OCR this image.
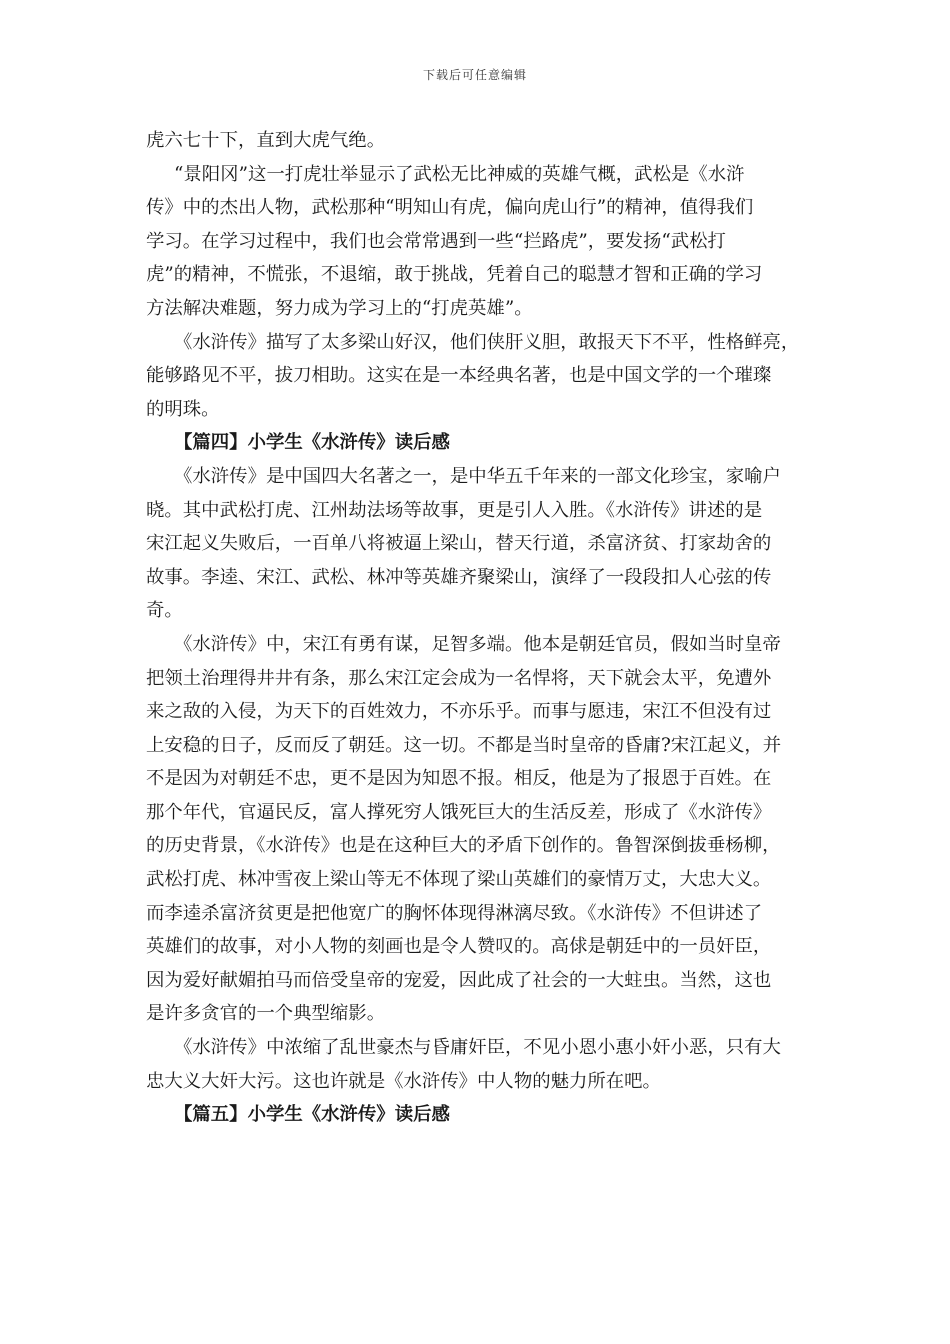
下载后可任意编辑
虎六七十下，直到大虎气绝。
“景阳冈”这一打虎壮举显示了武松无比神威的英雄气概，武松是《水浒
传》中的杰出人物，武松那种“明知山有虎，偏向虎山行”的精神，值得我们
学习。在学习过程中，我们也会常常遇到一些“拦路虎”，要发扬“武松打
虎”的精神，不慌张，不退缩，敢于挑战，凭着自己的聪慧才智和正确的学习
方法解决难题，努力成为学习上的“打虎英雄”。
《水浒传》描写了太多梁山好汉，他们侠肝义胆，敢报天下不平，性格鲜亮，
能够路见不平，拔刀相助。这实在是一本经典名著，也是中国文学的一个璀璨
的明珠。
【篇四】小学生《水浒传》读后感
《水浒传》是中国四大名著之一，是中华五千年来的一部文化珍宝，家喻户
晓。其中武松打虎、江州劫法场等故事，更是引人入胜。《水浒传》讲述的是
宋江起义失败后，一百单八将被逼上梁山，替天行道，杀富济贫、打家劫舍的
故事。李逵、宋江、武松、林冲等英雄齐聚梁山，演绎了一段段扣人心弦的传
奇。
《水浒传》中，宋江有勇有谋，足智多端。他本是朝廷官员，假如当时皇帝
把领土治理得井井有条，那么宋江定会成为一名悍将，天下就会太平，免遭外
来之敌的入侵，为天下的百姓效力，不亦乐乎。而事与愿违，宋江不但没有过
上安稳的日子，反而反了朝廷。这一切。不都是当时皇帝的昏庸?宋江起义，并
不是因为对朝廷不忠，更不是因为知恩不报。相反，他是为了报恩于百姓。在
那个年代，官逼民反，富人撑死穷人饿死巨大的生活反差，形成了《水浒传》
的历史背景，《水浒传》也是在这种巨大的矛盾下创作的。鲁智深倒拔垂杨柳，
武松打虎、林冲雪夜上梁山等无不体现了梁山英雄们的豪情万丈，大忠大义。
而李逵杀富济贫更是把他宽广的胸怀体现得淋漓尽致。《水浒传》不但讲述了
英雄们的故事，对小人物的刻画也是令人赞叹的。高俅是朝廷中的一员奸臣，
因为爱好献媚拍马而倍受皇帝的宠爱，因此成了社会的一大蛀虫。当然，这也
是许多贪官的一个典型缩影。
《水浒传》中浓缩了乱世豪杰与昏庸奸臣，不见小恩小惠小奸小恶，只有大
忠大义大奸大污。这也许就是《水浒传》中人物的魅力所在吧。
【篇五】小学生《水浒传》读后感
